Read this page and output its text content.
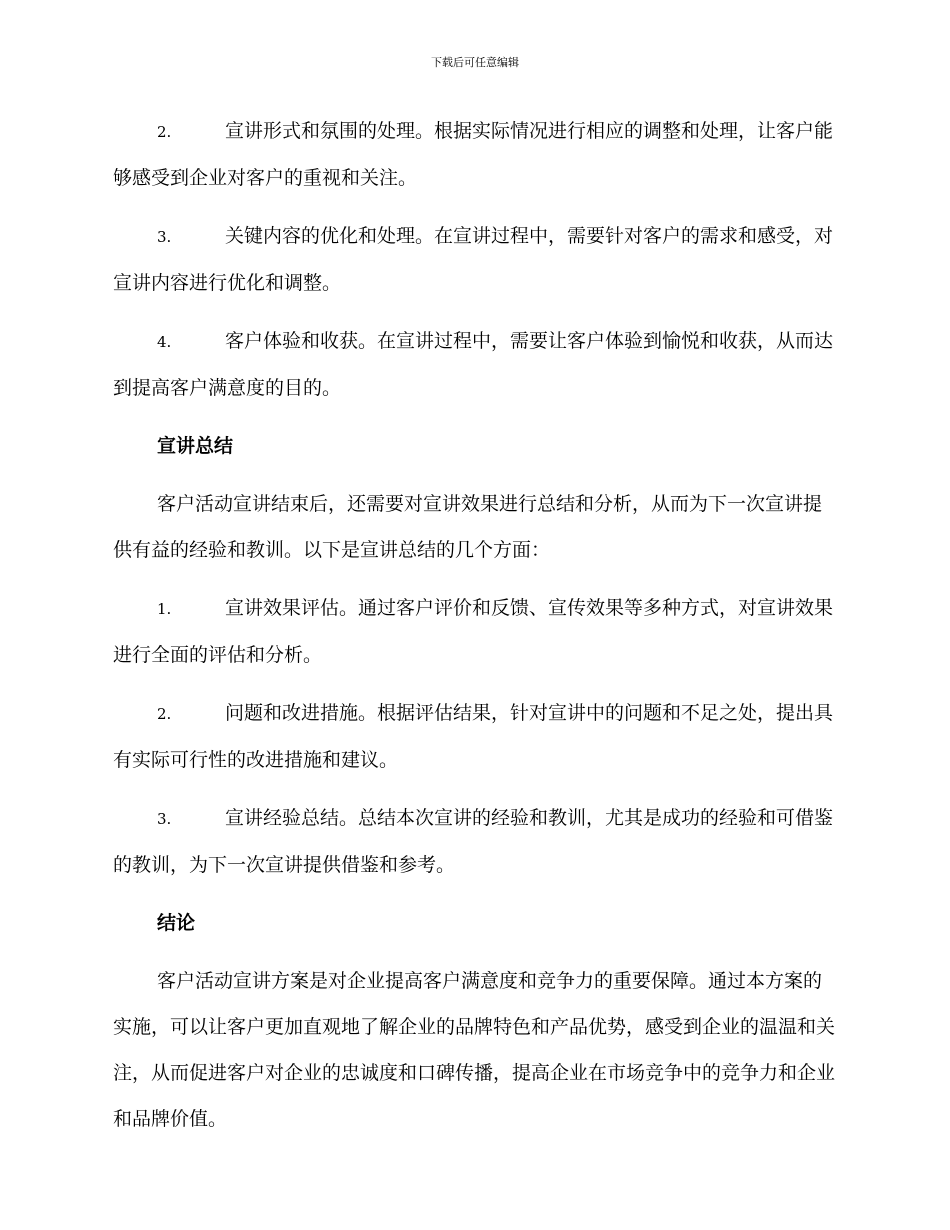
下载后可任意编辑

2.	宣讲形式和氛围的处理。根据实际情况进行相应的调整和处理，让客户能够感受到企业对客户的重视和关注。

3.	关键内容的优化和处理。在宣讲过程中，需要针对客户的需求和感受，对宣讲内容进行优化和调整。

4.	客户体验和收获。在宣讲过程中，需要让客户体验到愉悦和收获，从而达到提高客户满意度的目的。

宣讲总结

客户活动宣讲结束后，还需要对宣讲效果进行总结和分析，从而为下一次宣讲提供有益的经验和教训。以下是宣讲总结的几个方面：

1.	宣讲效果评估。通过客户评价和反馈、宣传效果等多种方式，对宣讲效果进行全面的评估和分析。

2.	问题和改进措施。根据评估结果，针对宣讲中的问题和不足之处，提出具有实际可行性的改进措施和建议。

3.	宣讲经验总结。总结本次宣讲的经验和教训，尤其是成功的经验和可借鉴的教训，为下一次宣讲提供借鉴和参考。

结论

客户活动宣讲方案是对企业提高客户满意度和竞争力的重要保障。通过本方案的实施，可以让客户更加直观地了解企业的品牌特色和产品优势，感受到企业的温温和关注，从而促进客户对企业的忠诚度和口碑传播，提高企业在市场竞争中的竞争力和企业和品牌价值。
